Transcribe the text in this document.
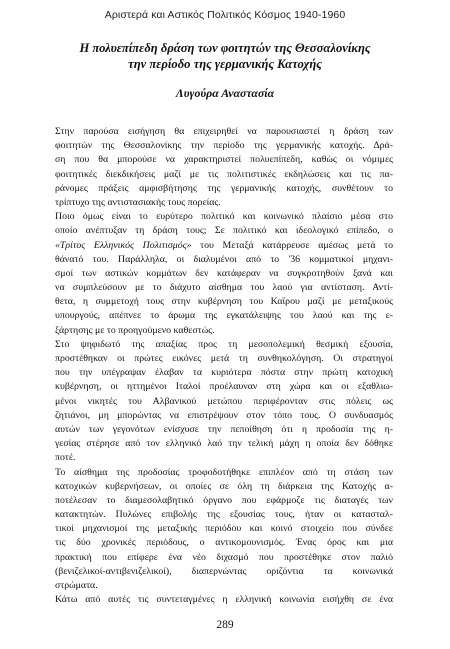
Αριστερά και Αστικός Πολιτικός Κόσμος 1940-1960
Η πολυεπίπεδη δράση των φοιτητών της Θεσσαλονίκης
την περίοδο της γερμανικής Κατοχής
Λυγούρα Αναστασία
Στην παρούσα εισήγηση θα επιχειρηθεί να παρουσιαστεί η δράση των
φοιτητών της Θεσσαλονίκης την περίοδο της γερμανικής κατοχής. Δρά-
ση που θα μπορούσε να χαρακτηριστεί πολυεπίπεδη, καθώς οι νόμιμες
φοιτητικές διεκδικήσεις μαζί με τις πολιτιστικές εκδηλώσεις και τις πα-
ράνομες πράξεις αμφισβήτησης της γερμανικής κατοχής, συνθέτουν το
τρίπτυχο της αντιστασιακής τους πορείας.
Ποιο όμως είναι το ευρύτερο πολιτικό και κοινωνικό πλαίσιο μέσα στο
οποίο ανέπτυξαν τη δράση τους; Σε πολιτικό και ιδεολογικό επίπεδο, ο
«Τρίτος Ελληνικός Πολιτισμός» του Μεταξά κατάρρευσε αμέσως μετά το
θάνατό του. Παράλληλα, οι διαλυμένοι από το '36 κομματικοί μηχανι-
σμοί των αστικών κομμάτων δεν κατάφεραν να συγκροτηθούν ξανά και
να συμπλεύσουν με το διάχυτο αίσθημα του λαού για αντίσταση. Αντί-
θετα, η συμμετοχή τους στην κυβέρνηση του Καΐρου μαζί με μεταξικούς
υπουργούς, απέπνεε το άρωμα της εγκατάλειψης του λαού και της ε-
ξάρτησης με το προηγούμενο καθεστώς.
Στο ψηφιδωτό της απαξίας προς τη μεσοπολεμική θεσμική εξουσία,
προστέθηκαν οι πρώτες εικόνες μετά τη συνθηκολόγηση. Οι στρατηγοί
που την υπέγραψαν έλαβαν τα κυριότερα πόστα στην πρώτη κατοχική
κυβέρνηση, οι ηττημένοι Ιταλοί προέλαυναν στη χώρα και οι εξαθλιω-
μένοι νικητές του Αλβανικού μετώπου περιφέρονταν στις πόλεις ως
ζητιάνοι, μη μπορώντας να επιστρέψουν στον τόπο τους. Ο συνδυασμός
αυτών των γεγονότων ενίσχυσε την πεποίθηση ότι η προδοσία της η-
γεσίας στέρησε από τον ελληνικό λαό την τελική μάχη η οποία δεν δόθηκε
ποτέ.
Το αίσθημα της προδοσίας τροφοδοτήθηκε επιπλέον από τη στάση των
κατοχικών κυβερνήσεων, οι οποίες σε όλη τη διάρκεια της Κατοχής α-
ποτέλεσαν το διαμεσολαβητικό όργανο που εφάρμοζε τις διαταγές των
κατακτητών. Πυλώνες επιβολής της εξουσίας τους, ήταν οι κατασταλ-
τικοί μηχανισμοί της μεταξικής περιόδου και κοινό στοιχείο που σύνδεε
τις δύο χρονικές περιόδους, ο αντικομουνισμός. Ένας όρος και μια
πρακτική που επίφερε ένα νέο διχασμό που προστέθηκε στον παλιό
(βενιζελικοί-αντιβενιζελικοί), διαπερνώντας οριζόντια τα κοινωνικά
στρώματα.
Κάτω από αυτές τις συντεταγμένες η ελληνική κοινωνία εισήχθη σε ένα
289
